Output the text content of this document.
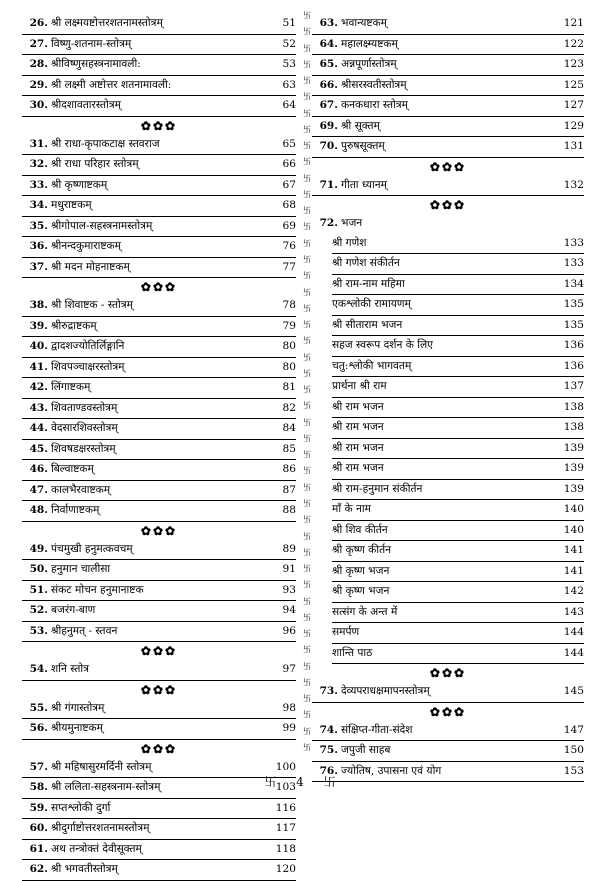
26. श्री लक्ष्मयष्टोत्तरशतनामस्तोत्रम्	51
27. विष्णु-शतनाम-स्तोत्रम्	52
28. श्रीविष्णुसहस्त्रनामावली:	53
29. श्री लक्ष्मी अष्टोत्तर शतनामावली:	63
30. श्रीदशावतारस्तोत्रम्	64
✿✿✿
31. श्री राधा-कृपाकटाक्ष स्तवराज	65
32. श्री राधा परिहार स्तोत्रम्	66
33. श्री कृष्णाष्टकम्	67
34. मधुराष्टकम्	68
35. श्रीगोपाल-सहस्त्रनामस्तोत्रम्	69
36. श्रीनन्दकुमाराष्टकम्	76
37. श्री मदन मोहनाष्टकम्	77
✿✿✿
38. श्री शिवाष्टक - स्तोत्रम्	78
39. श्रीरुद्राष्टकम्	79
40. द्वादशज्योतिर्लिङ्गानि	80
41. शिवपञ्चाक्षरस्तोत्रम्	80
42. लिंगाष्टकम्	81
43. शिवताण्डवस्तोत्रम्	82
44. वेदसारशिवस्तोत्रम्	84
45. शिवषडक्षरस्तोत्रम्	85
46. बिल्वाष्टकम्	86
47. कालभैरवाष्टकम्	87
48. निर्वाणाष्टकम्	88
✿✿✿
49. पंचमुखी हनुमत्कवचम्	89
50. हनुमान चालीसा	91
51. संकट मोचन हनुमानाष्टक	93
52. बजरंग-बाण	94
53. श्रीहनुमत् - स्तवन	96
✿✿✿
54. शनि स्तोत्र	97
✿✿✿
55. श्री गंगास्तोत्रम्	98
56. श्रीयमुनाष्टकम्	99
✿✿✿
57. श्री महिषासुरमर्दिनी स्तोत्रम्	100
58. श्री ललिता-सहस्त्रनाम-स्तोत्रम्	103
59. सप्तश्लोकी दुर्गा	116
60. श्रीदुर्गाष्टोत्तरशतनामस्तोत्रम्	117
61. अथ तन्त्रोक्तं देवीसूक्तम्	118
62. श्री भगवतीस्तोत्रम्	120
卐
卐
卐
卐
卐
卐
卐
卐
卐
卐
卐
卐
卐
卐
卐
卐
卐
卐
卐
卐
卐
卐
卐
卐
卐
卐
卐
卐
卐
卐
卐
卐
卐
卐
卐
卐
卐
卐
卐
卐
卐
卐
卐
卐
卐
卐
63. भवान्यष्टकम्	121
64. महालक्ष्म्यष्टकम्	122
65. अन्नपूर्णास्तोत्रम्	123
66. श्रीसरस्वतीस्तोत्रम्	125
67. कनकधारा स्तोत्रम्	127
69. श्री सूक्तम्	129
70. पुरुषसूक्तम्	131
✿✿✿
71. गीता ध्यानम्	132
✿✿✿
72. भजन
श्री गणेश	133
श्री गणेश संकीर्तन	133
श्री राम-नाम महिमा	134
एकश्लोकी रामायणम्	135
श्री सीताराम भजन	135
सहज स्वरूप दर्शन के लिए	136
चतु:श्लोकी भागवतम्	136
प्रार्थना श्री राम	137
श्री राम भजन	138
श्री राम भजन	138
श्री राम भजन	139
श्री राम भजन	139
श्री राम-हनुमान संकीर्तन	139
माँ के नाम	140
श्री शिव कीर्तन	140
श्री कृष्ण कीर्तन	141
श्री कृष्ण भजन	141
श्री कृष्ण भजन	142
सत्संग के अन्त में	143
समर्पण	144
शान्ति पाठ	144
✿✿✿
73. देव्यपराधक्षमापनस्तोत्रम्	145
✿✿✿
74. संक्षिप्त-गीता-संदेश	147
75. जपुजी साहब	150
76. ज्योतिष, उपासना एवं योग	153
卐 4 卐
